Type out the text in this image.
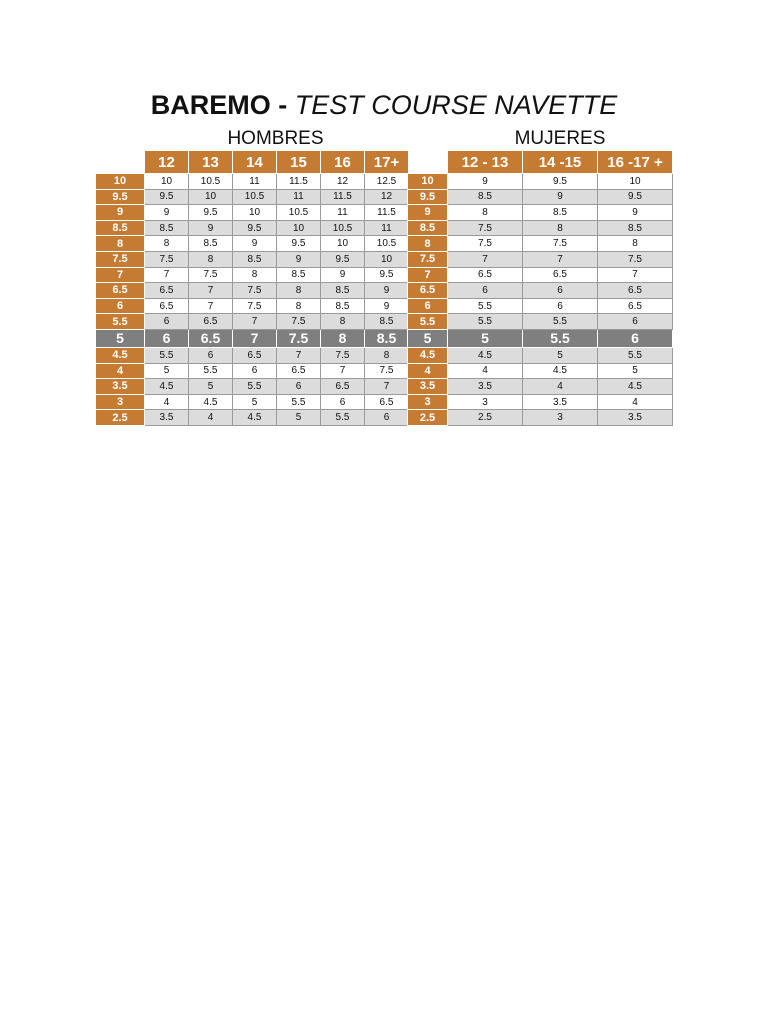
BAREMO - TEST COURSE NAVETTE
HOMBRES	MUJERES
	12	13	14	15	16	17+
10	10	10.5	11	11.5	12	12.5
9.5	9.5	10	10.5	11	11.5	12
9	9	9.5	10	10.5	11	11.5
8.5	8.5	9	9.5	10	10.5	11
8	8	8.5	9	9.5	10	10.5
7.5	7.5	8	8.5	9	9.5	10
7	7	7.5	8	8.5	9	9.5
6.5	6.5	7	7.5	8	8.5	9
6	6.5	7	7.5	8	8.5	9
5.5	6	6.5	7	7.5	8	8.5
5	6	6.5	7	7.5	8	8.5
4.5	5.5	6	6.5	7	7.5	8
4	5	5.5	6	6.5	7	7.5
3.5	4.5	5	5.5	6	6.5	7
3	4	4.5	5	5.5	6	6.5
2.5	3.5	4	4.5	5	5.5	6
	12 - 13	14 -15	16 -17 +
10	9	9.5	10
9.5	8.5	9	9.5
9	8	8.5	9
8.5	7.5	8	8.5
8	7.5	7.5	8
7.5	7	7	7.5
7	6.5	6.5	7
6.5	6	6	6.5
6	5.5	6	6.5
5.5	5.5	5.5	6
5	5	5.5	6
4.5	4.5	5	5.5
4	4	4.5	5
3.5	3.5	4	4.5
3	3	3.5	4
2.5	2.5	3	3.5
